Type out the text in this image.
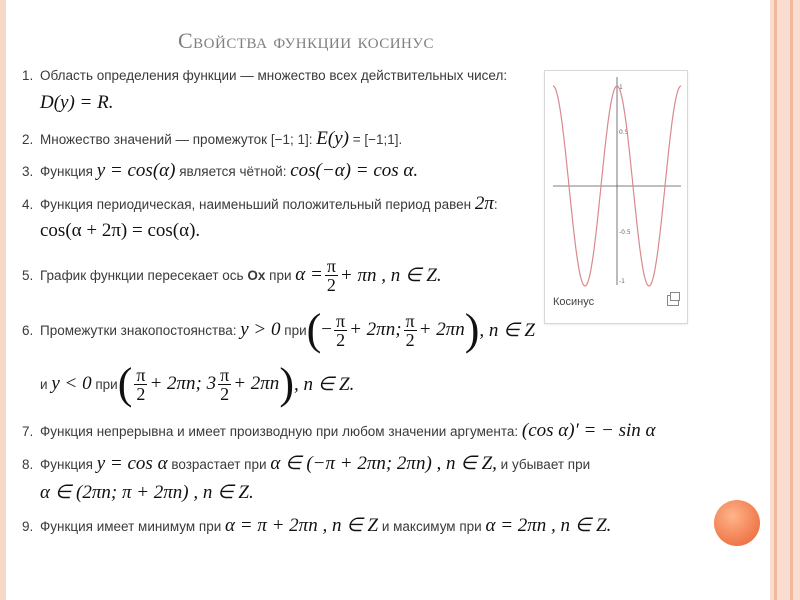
Свойства функции косинус
1. Область определения функции — множество всех действительных чисел:
D(y) = R.
2. Множество значений — промежуток [−1; 1]: E(y) = [−1;1].
3. Функция y = cos(α) является чётной: cos(−α) = cos α.
4. Функция периодическая, наименьший положительный период равен 2π:
cos(α + 2π) = cos(α).
5. График функции пересекает ось
Ox
при
$\alpha = \frac{\pi}{2} + \pi n$ , n ∈ Z.
6. Промежутки знакопостоянства:
y > 0
при ( − $\frac{\pi}{2} + 2\pi n$; $\frac{\pi}{2} + 2\pi n$ ) , n ∈ Z
и
y < 0
при ( $\frac{\pi}{2} + 2\pi n$; $3 \frac{\pi}{2} + 2\pi n$ ) , n ∈ Z.
7. Функция непрерывна и имеет производную при любом значении аргумента: (cos α)′ = − sin α
8. Функция y = cos α возрастает при α ∈ (−π + 2πn; 2πn) , n ∈ Z, и убывает при
α ∈ (2πn; π + 2πn) , n ∈ Z.
9. Функция имеет минимум при α = π + 2πn , n ∈ Z и максимум при α = 2πn , n ∈ Z.
1
0.5
-0.5
-1
Косинус
